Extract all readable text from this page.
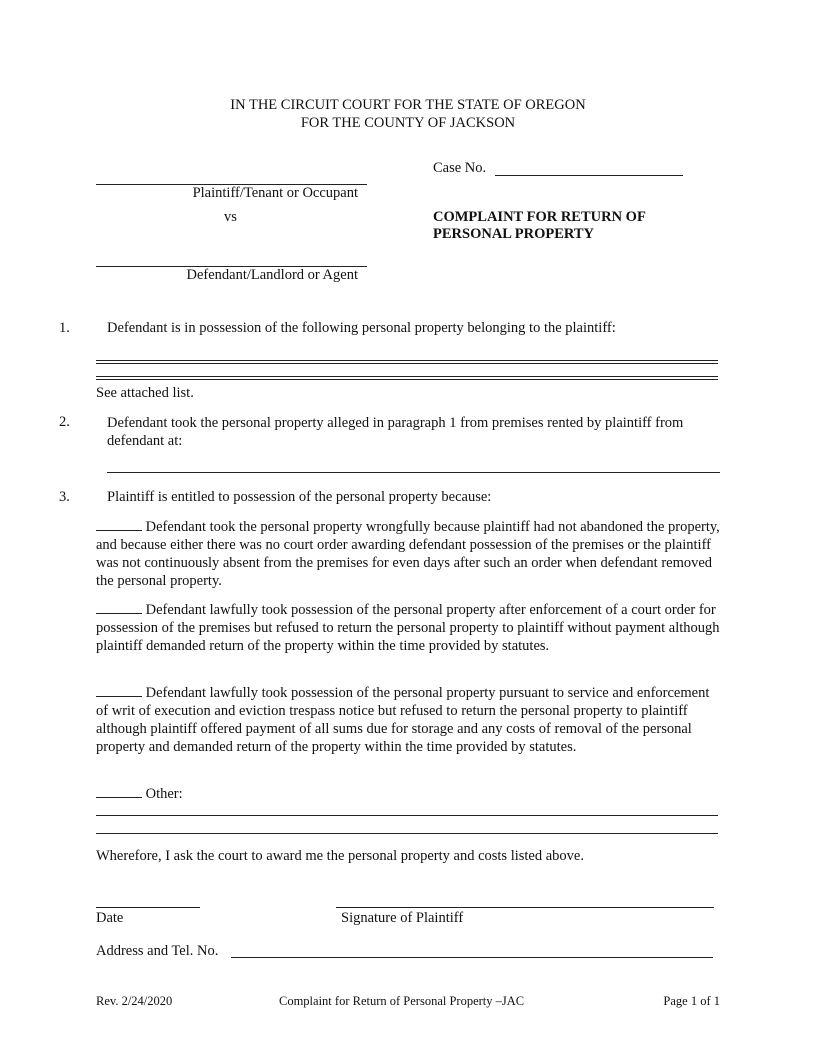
IN THE CIRCUIT COURT FOR THE STATE OF OREGON
FOR THE COUNTY OF JACKSON
Case No.
Plaintiff/Tenant or Occupant
vs	COMPLAINT FOR RETURN OF
PERSONAL PROPERTY
Defendant/Landlord or Agent
1.	Defendant is in possession of the following personal property belonging to the plaintiff:
See attached list.
2.	Defendant took the personal property alleged in paragraph 1 from premises rented by plaintiff from defendant at:
3.	Plaintiff is entitled to possession of the personal property because:
Defendant took the personal property wrongfully because plaintiff had not abandoned the property, and because either there was no court order awarding defendant possession of the premises or the plaintiff was not continuously absent from the premises for even days after such an order when defendant removed the personal property.
Defendant lawfully took possession of the personal property after enforcement of a court order for possession of the premises but refused to return the personal property to plaintiff without payment although plaintiff demanded return of the property within the time provided by statutes.
Defendant lawfully took possession of the personal property pursuant to service and enforcement of writ of execution and eviction trespass notice but refused to return the personal property to plaintiff although plaintiff offered payment of all sums due for storage and any costs of removal of the personal property and demanded return of the property within the time provided by statutes.
Other:
Wherefore, I ask the court to award me the personal property and costs listed above.
Date	Signature of Plaintiff
Address and Tel. No.
Rev. 2/24/2020	Complaint for Return of Personal Property –JAC	Page 1 of 1
